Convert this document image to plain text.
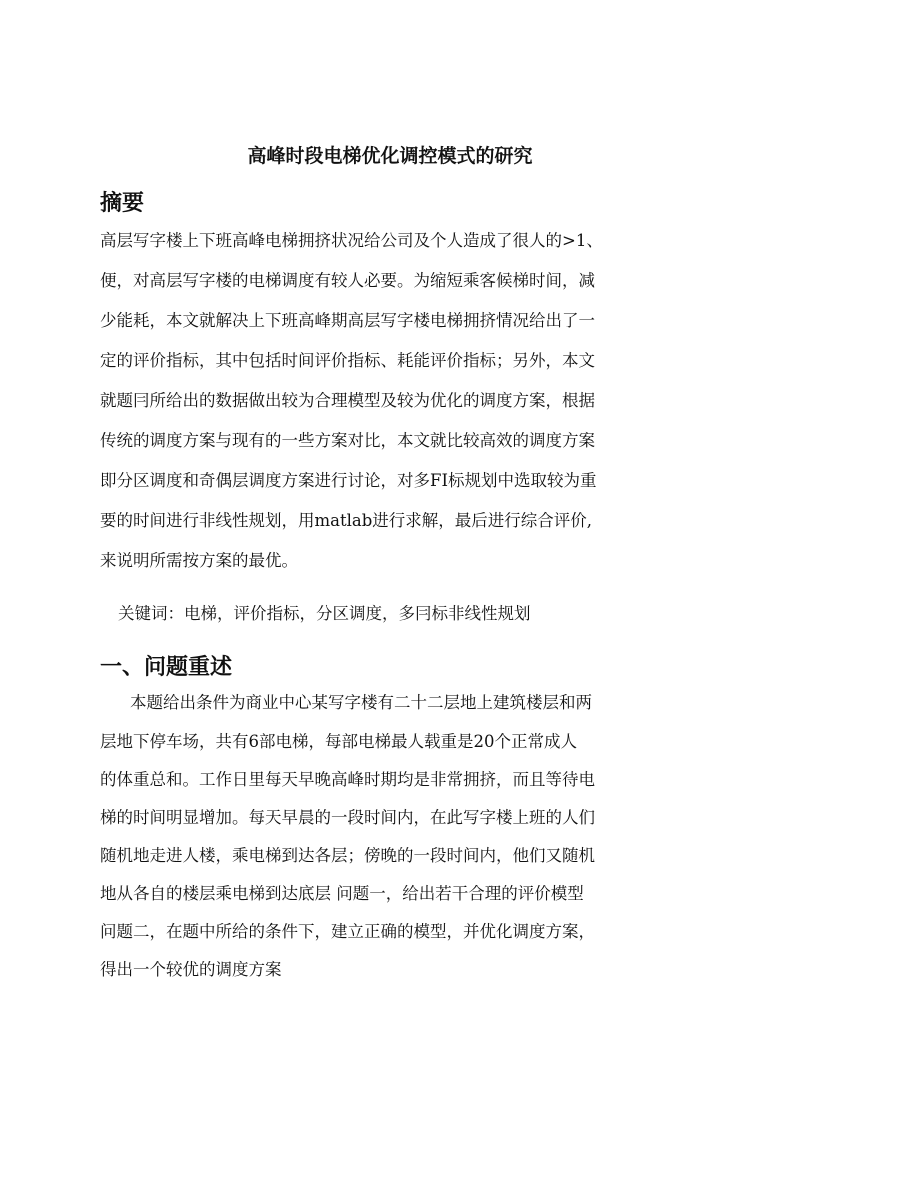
高峰时段电梯优化调控模式的研究
摘要
高层写字楼上下班高峰电梯拥挤状况给公司及个人造成了很人的>1、
便，对高层写字楼的电梯调度有较人必要。为缩短乘客候梯时间，减
少能耗，本文就解决上下班高峰期高层写字楼电梯拥挤情况给出了一
定的评价指标，其中包括时间评价指标、耗能评价指标；另外，本文
就题冃所给出的数据做出较为合理模型及较为优化的调度方案，根据
传统的调度方案与现有的一些方案对比，本文就比较高效的调度方案
即分区调度和奇偶层调度方案进行讨论，对多FI标规划中选取较为重
要的时间进行非线性规划，用matlab进行求解，最后进行综合评价,
来说明所需按方案的最优。
关键词：电梯，评价指标，分区调度，多冃标非线性规划
一、问题重述
本题给出条件为商业中心某写字楼有二十二层地上建筑楼层和两
层地下停车场，共有6部电梯，每部电梯最人载重是20个正常成人
的体重总和。工作日里每天早晚高峰时期均是非常拥挤，而且等待电
梯的时间明显增加。每天早晨的一段时间内，在此写字楼上班的人们
随机地走进人楼，乘电梯到达各层；傍晚的一段时间内，他们又随机
地从各自的楼层乘电梯到达底层 问题一，给出若干合理的评价模型
问题二，在题中所给的条件下，建立正确的模型，并优化调度方案，
得出一个较优的调度方案
